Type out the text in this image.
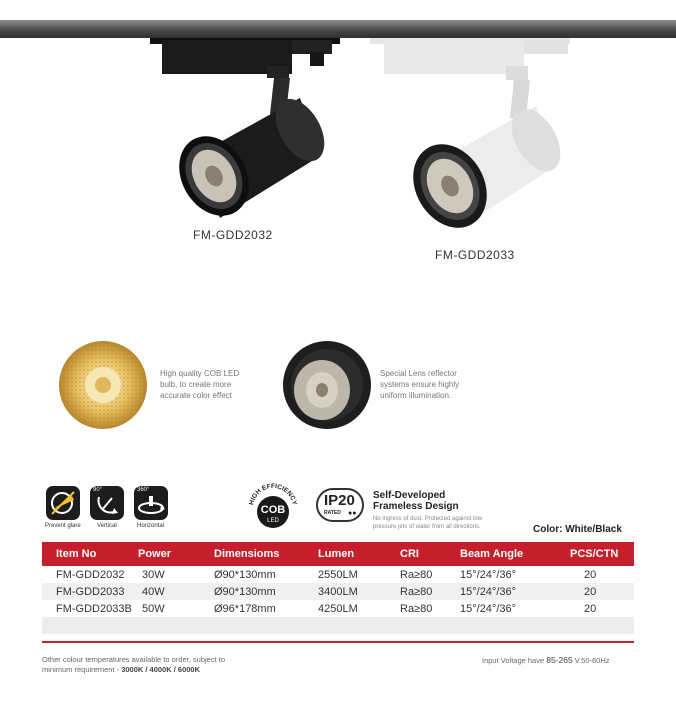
FM-GDD2032
FM-GDD2033
High quality COB LED
bulb, to create more
accurate color effect
Special Lens reflector
systems ensure highly
uniform illumination.
Prevent glare
90°
Vertical
360°
Horizontal
HIGH EFFICIENCY
COB
LED
IP20
RATED ●●
Self-Developed
Frameless Design
No ingress of dust. Protected against low
pressure jets of water from all directions.	Color: White/Black
Item No	Power	Dimensioms	Lumen	CRI	Beam Angle	PCS/CTN
FM-GDD2032	30W	Ø90*130mm	2550LM	Ra≥80	15°/24°/36°	20
FM-GDD2033	40W	Ø90*130mm	3400LM	Ra≥80	15°/24°/36°	20
FM-GDD2033B	50W	Ø96*178mm	4250LM	Ra≥80	15°/24°/36°	20

Other colour temperatures available to order, subject to
minimum requirement - 3000K / 4000K / 6000K
Input Voltage have 85-265 V.50-60Hz
